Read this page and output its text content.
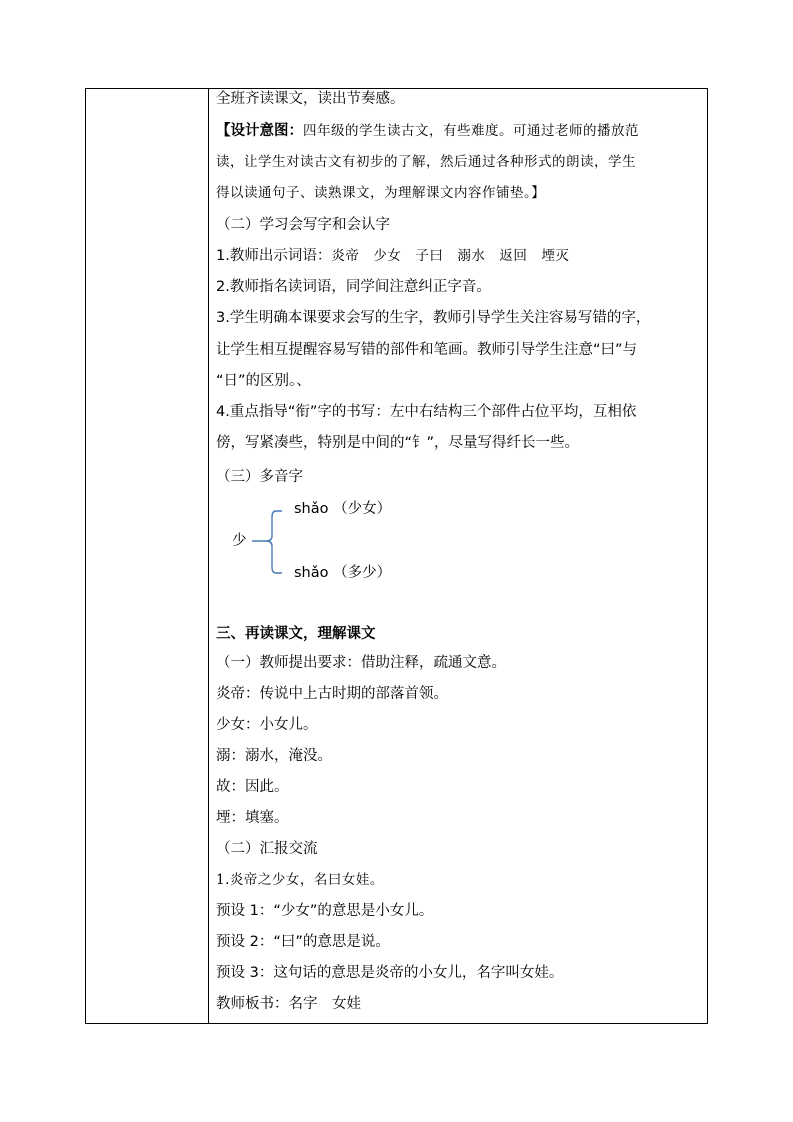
全班齐读课文，读出节奏感。
【设计意图：四年级的学生读古文，有些难度。可通过老师的播放范
读，让学生对读古文有初步的了解，然后通过各种形式的朗读，学生
得以读通句子、读熟课文，为理解课文内容作铺垫。】
（二）学习会写字和会认字
1.教师出示词语：炎帝　少女　子曰　溺水　返回　堙灭
2.教师指名读词语，同学间注意纠正字音。
3.学生明确本课要求会写的生字，教师引导学生关注容易写错的字，
让学生相互提醒容易写错的部件和笔画。教师引导学生注意“曰”与
“日”的区别。、
4.重点指导“衔”字的书写：左中右结构三个部件占位平均，互相依
傍，写紧凑些，特别是中间的“钅”，尽量写得纤长一些。
（三）多音字
少
shǎo （少女）
shǎo （多少）
三、再读课文，理解课文
（一）教师提出要求：借助注释，疏通文意。
炎帝：传说中上古时期的部落首领。
少女：小女儿。
溺：溺水，淹没。
故：因此。
堙：填塞。
（二）汇报交流
1.炎帝之少女，名曰女娃。
预设 1：“少女”的意思是小女儿。
预设 2：“曰”的意思是说。
预设 3：这句话的意思是炎帝的小女儿，名字叫女娃。
教师板书：名字　女娃
